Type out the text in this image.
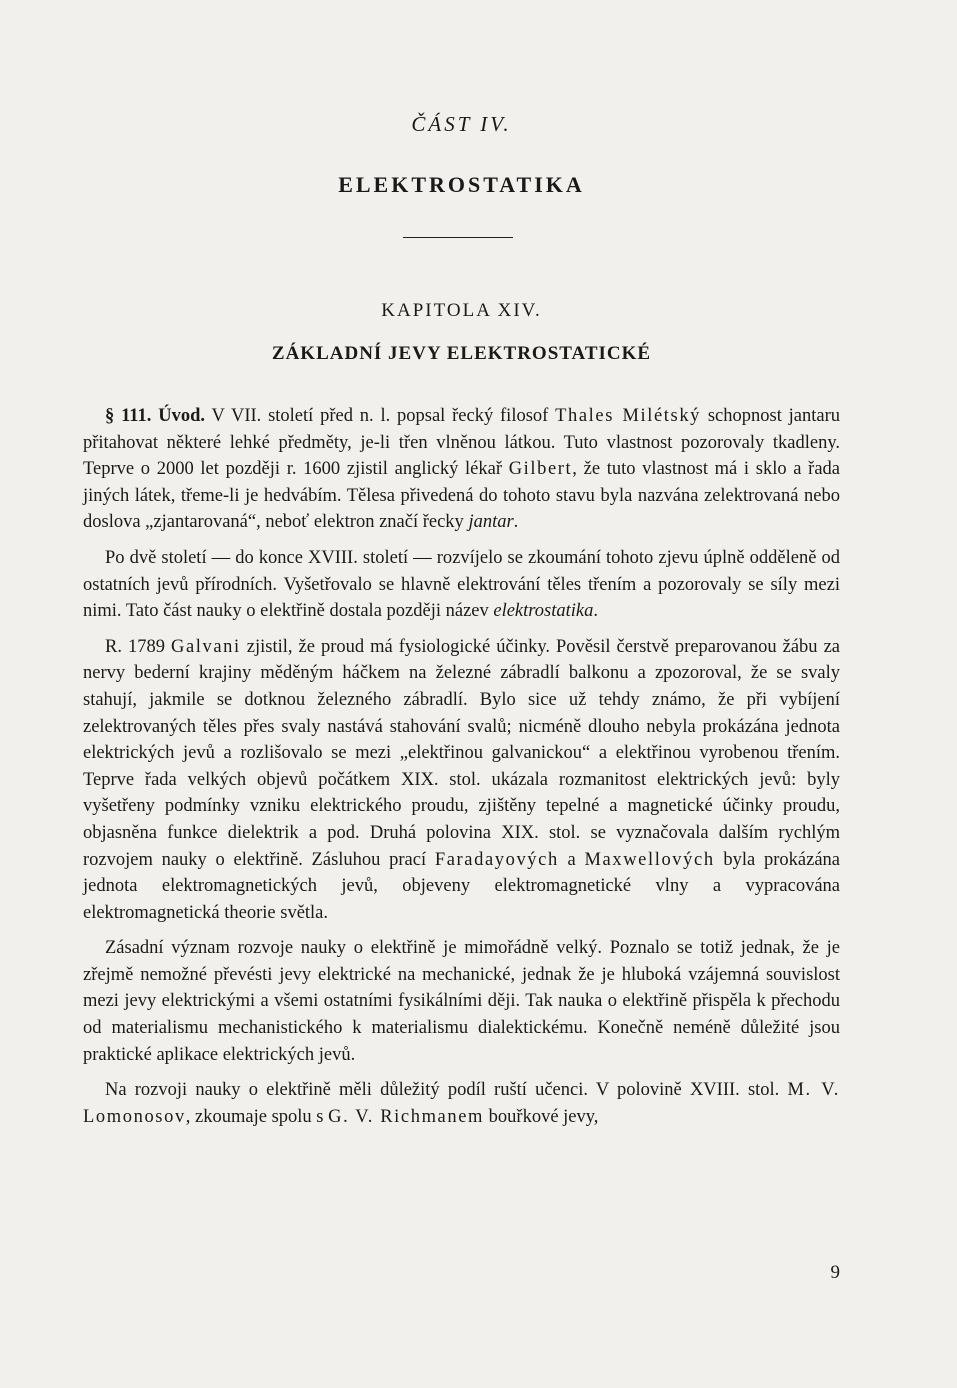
ČÁST IV.
ELEKTROSTATIKA
KAPITOLA XIV.
ZÁKLADNÍ JEVY ELEKTROSTATICKÉ

§ 111. Úvod. V VII. století před n. l. popsal řecký filosof Thales Milétský schopnost jantaru přitahovat některé lehké předměty, je-li třen vlněnou látkou. Tuto vlastnost pozorovaly tkadleny. Teprve o 2000 let později r. 1600 zjistil anglický lékař Gilbert, že tuto vlastnost má i sklo a řada jiných látek, třeme-li je hedvábím. Tělesa přivedená do tohoto stavu byla nazvána zelektrovaná nebo doslova „zjantarovaná“, neboť elektron značí řecky jantar.

Po dvě století — do konce XVIII. století — rozvíjelo se zkoumání tohoto zjevu úplně odděleně od ostatních jevů přírodních. Vyšetřovalo se hlavně elektrování těles třením a pozorovaly se síly mezi nimi. Tato část nauky o elektřině dostala později název elektrostatika.

R. 1789 Galvani zjistil, že proud má fysiologické účinky. Pověsil čerstvě preparovanou žábu za nervy bederní krajiny měděným háčkem na železné zábradlí balkonu a zpozoroval, že se svaly stahují, jakmile se dotknou železného zábradlí. Bylo sice už tehdy známo, že při vybíjení zelektrovaných těles přes svaly nastává stahování svalů; nicméně dlouho nebyla prokázána jednota elektrických jevů a rozlišovalo se mezi „elektřinou galvanickou“ a elektřinou vyrobenou třením. Teprve řada velkých objevů počátkem XIX. stol. ukázala rozmanitost elektrických jevů: byly vyšetřeny podmínky vzniku elektrického proudu, zjištěny tepelné a magnetické účinky proudu, objasněna funkce dielektrik a pod. Druhá polovina XIX. stol. se vyznačovala dalším rychlým rozvojem nauky o elektřině. Zásluhou prací Faradayových a Maxwellových byla prokázána jednota elektromagnetických jevů, objeveny elektromagnetické vlny a vypracována elektromagnetická theorie světla.

Zásadní význam rozvoje nauky o elektřině je mimořádně velký. Poznalo se totiž jednak, že je zřejmě nemožné převésti jevy elektrické na mechanické, jednak že je hluboká vzájemná souvislost mezi jevy elektrickými a všemi ostatními fysikálními ději. Tak nauka o elektřině přispěla k přechodu od materialismu mechanistického k materialismu dialektickému. Konečně neméně důležité jsou praktické aplikace elektrických jevů.

Na rozvoji nauky o elektřině měli důležitý podíl ruští učenci. V polovině XVIII. stol. M. V. Lomonosov, zkoumaje spolu s G. V. Richmanem bouřkové jevy,

9
